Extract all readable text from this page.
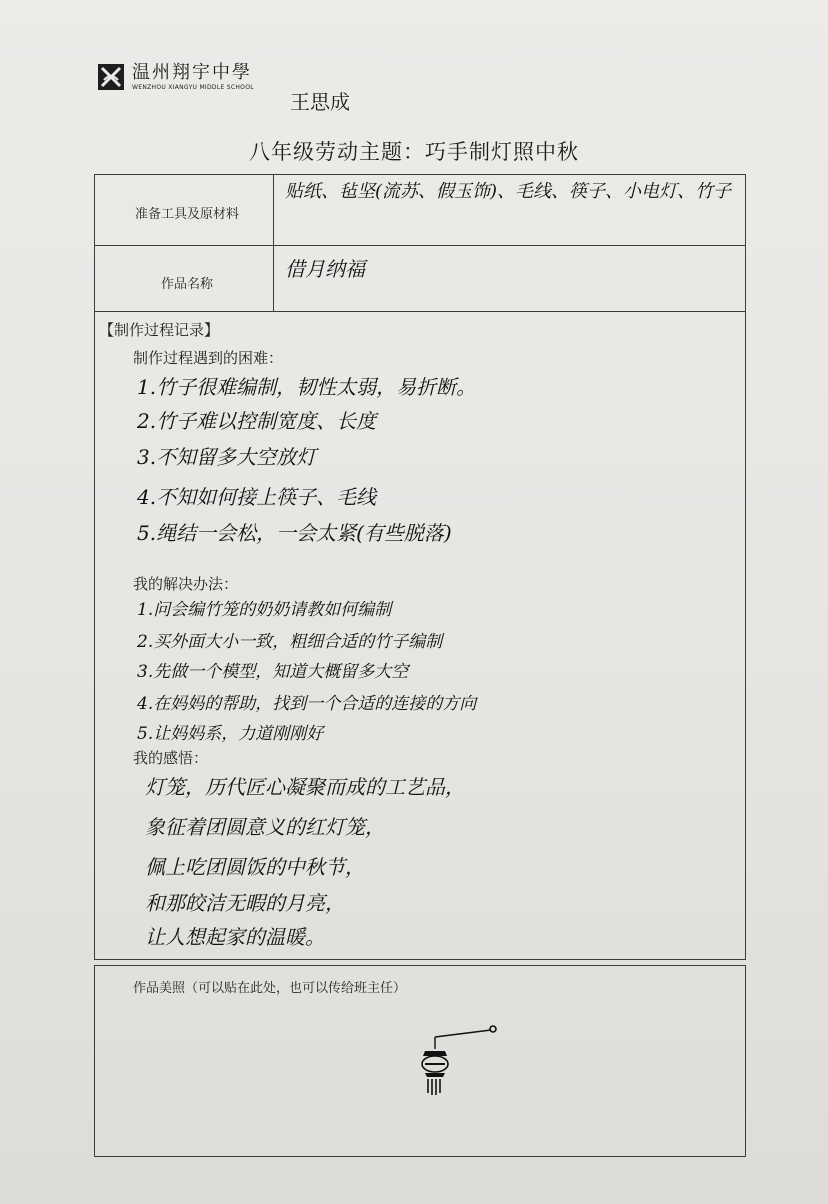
温州翔宇中學
WENZHOU XIANGYU MIDDLE SCHOOL
王思成
八年级劳动主题：巧手制灯照中秋
准备工具及原材料
贴纸、毡坚(流苏、假玉饰)、毛线、筷子、小电灯、竹子
作品名称
借月纳福
【制作过程记录】
制作过程遇到的困难：
1.竹子很难编制，韧性太弱，易折断。
2.竹子难以控制宽度、长度
3.不知留多大空放灯
4.不知如何接上筷子、毛线
5.绳结一会松，一会太紧(有些脱落)
我的解决办法：
1.问会编竹笼的奶奶请教如何编制
2.买外面大小一致，粗细合适的竹子编制
3.先做一个模型，知道大概留多大空
4.在妈妈的帮助，找到一个合适的连接的方向
5.让妈妈系，力道刚刚好
我的感悟：
灯笼，历代匠心凝聚而成的工艺品，
象征着团圆意义的红灯笼，
佩上吃团圆饭的中秋节，
和那皎洁无暇的月亮，
让人想起家的温暖。
作品美照（可以贴在此处，也可以传给班主任）
